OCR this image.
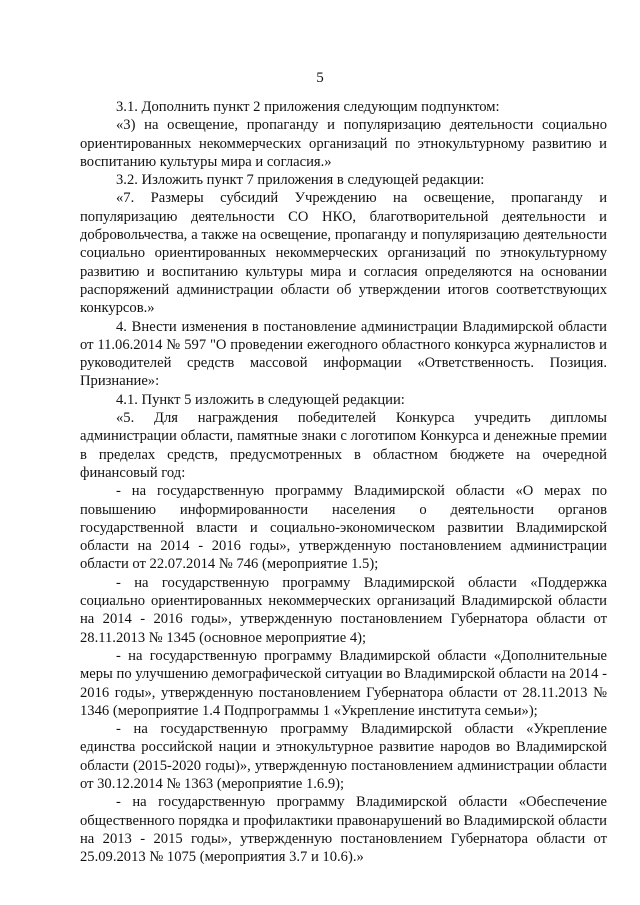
5

3.1. Дополнить пункт 2 приложения следующим подпунктом:

«3) на освещение, пропаганду и популяризацию деятельности социально ориентированных некоммерческих организаций по этнокультурному развитию и воспитанию культуры мира и согласия.»

3.2. Изложить пункт 7 приложения в следующей редакции:

«7. Размеры субсидий Учреждению на освещение, пропаганду и популяризацию деятельности СО НКО, благотворительной деятельности и добровольчества, а также на освещение, пропаганду и популяризацию деятельности социально ориентированных некоммерческих организаций по этнокультурному развитию и воспитанию культуры мира и согласия определяются на основании распоряжений администрации области об утверждении итогов соответствующих конкурсов.»

4. Внести изменения в постановление администрации Владимирской области от 11.06.2014 № 597 "О проведении ежегодного областного конкурса журналистов и руководителей средств массовой информации «Ответственность. Позиция. Признание»:

4.1. Пункт 5 изложить в следующей редакции:

«5. Для награждения победителей Конкурса учредить дипломы администрации области, памятные знаки с логотипом Конкурса и денежные премии в пределах средств, предусмотренных в областном бюджете на очередной финансовый год:

- на государственную программу Владимирской области «О мерах по повышению информированности населения о деятельности органов государственной власти и социально-экономическом развитии Владимирской области на 2014 - 2016 годы», утвержденную постановлением администрации области от 22.07.2014 № 746 (мероприятие 1.5);

- на государственную программу Владимирской области «Поддержка социально ориентированных некоммерческих организаций Владимирской области на 2014 - 2016 годы», утвержденную постановлением Губернатора области от 28.11.2013 № 1345 (основное мероприятие 4);

- на государственную программу Владимирской области «Дополнительные меры по улучшению демографической ситуации во Владимирской области на 2014 - 2016 годы», утвержденную постановлением Губернатора области от 28.11.2013 № 1346 (мероприятие 1.4 Подпрограммы 1 «Укрепление института семьи»);

- на государственную программу Владимирской области «Укрепление единства российской нации и этнокультурное развитие народов во Владимирской области (2015-2020 годы)», утвержденную постановлением администрации области от 30.12.2014 № 1363 (мероприятие 1.6.9);

- на государственную программу Владимирской области «Обеспечение общественного порядка и профилактики правонарушений во Владимирской области на 2013 - 2015 годы», утвержденную постановлением Губернатора области от 25.09.2013 № 1075 (мероприятия 3.7 и 10.6).»
